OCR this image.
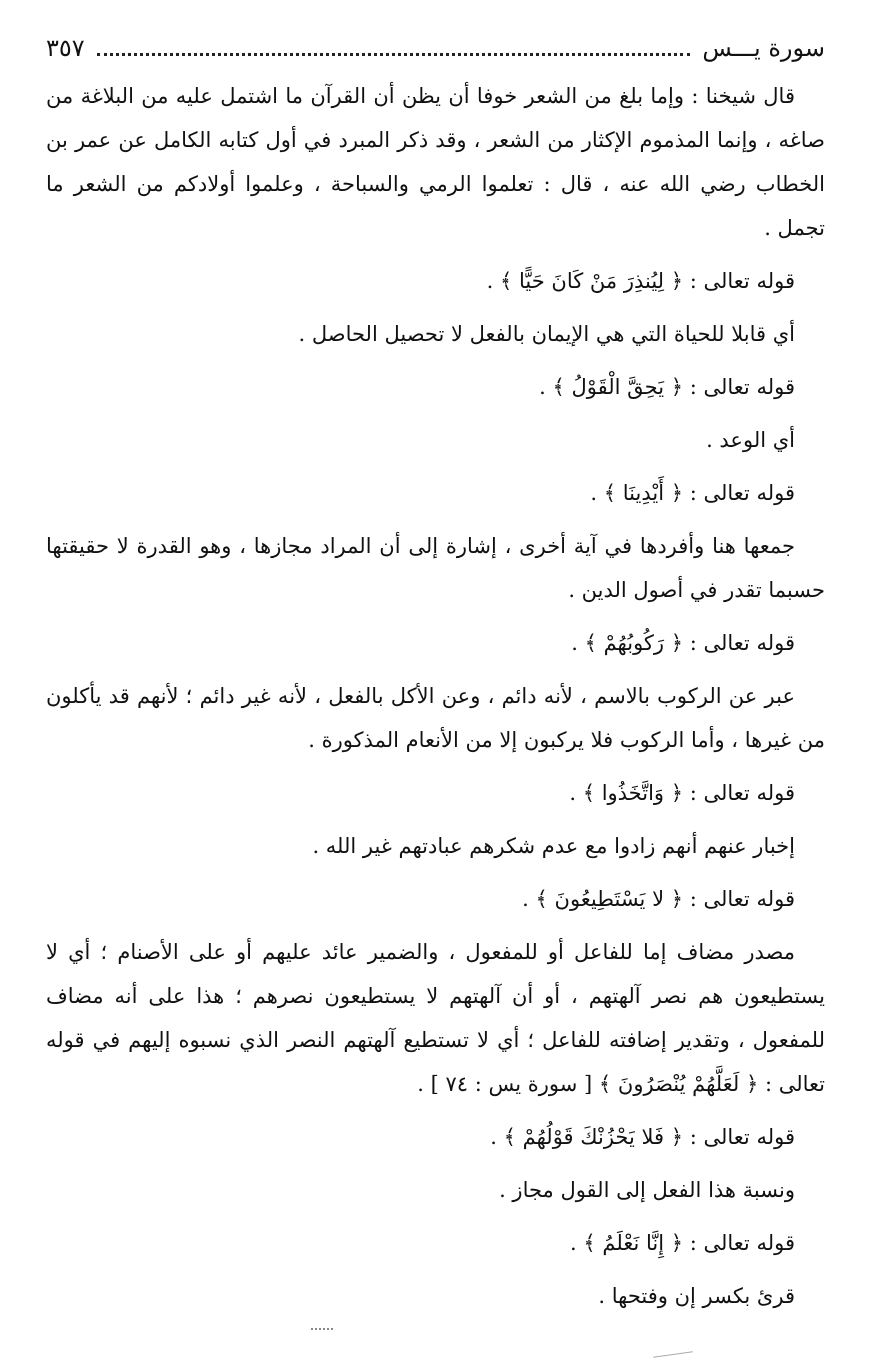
سورة يـــس
٣٥٧
قال شيخنا : وإما بلغ من الشعر خوفا أن يظن أن القرآن ما اشتمل عليه من البلاغة من صاغه ، وإنما المذموم الإكثار من الشعر ، وقد ذكر المبرد في أول كتابه الكامل عن عمر بن الخطاب رضي الله عنه ، قال : تعلموا الرمي والسباحة ، وعلموا أولادكم من الشعر ما تجمل .
قوله تعالى : ﴿ لِيُنذِرَ مَنْ كَانَ حَيًّا ﴾ .
أي قابلا للحياة التي هي الإيمان بالفعل لا تحصيل الحاصل .
قوله تعالى : ﴿ يَحِقَّ الْقَوْلُ ﴾ .
أي الوعد .
قوله تعالى : ﴿ أَيْدِينَا ﴾ .
جمعها هنا وأفردها في آية أخرى ، إشارة إلى أن المراد مجازها ، وهو القدرة لا حقيقتها حسبما تقدر في أصول الدين .
قوله تعالى : ﴿ رَكُوبُهُمْ ﴾ .
عبر عن الركوب بالاسم ، لأنه دائم ، وعن الأكل بالفعل ، لأنه غير دائم ؛ لأنهم قد يأكلون من غيرها ، وأما الركوب فلا يركبون إلا من الأنعام المذكورة .
قوله تعالى : ﴿ وَاتَّخَذُوا ﴾ .
إخبار عنهم أنهم زادوا مع عدم شكرهم عبادتهم غير الله .
قوله تعالى : ﴿ لا يَسْتَطِيعُونَ ﴾ .
مصدر مضاف إما للفاعل أو للمفعول ، والضمير عائد عليهم أو على الأصنام ؛ أي لا يستطيعون هم نصر آلهتهم ، أو أن آلهتهم لا يستطيعون نصرهم ؛ هذا على أنه مضاف للمفعول ، وتقدير إضافته للفاعل ؛ أي لا تستطيع آلهتهم النصر الذي نسبوه إليهم في قوله تعالى : ﴿ لَعَلَّهُمْ يُنْصَرُونَ ﴾ [ سورة يس : ٧٤ ] .
قوله تعالى : ﴿ فَلا يَحْزُنْكَ قَوْلُهُمْ ﴾ .
ونسبة هذا الفعل إلى القول مجاز .
قوله تعالى : ﴿ إِنَّا نَعْلَمُ ﴾ .
قرئ بكسر إن وفتحها .
